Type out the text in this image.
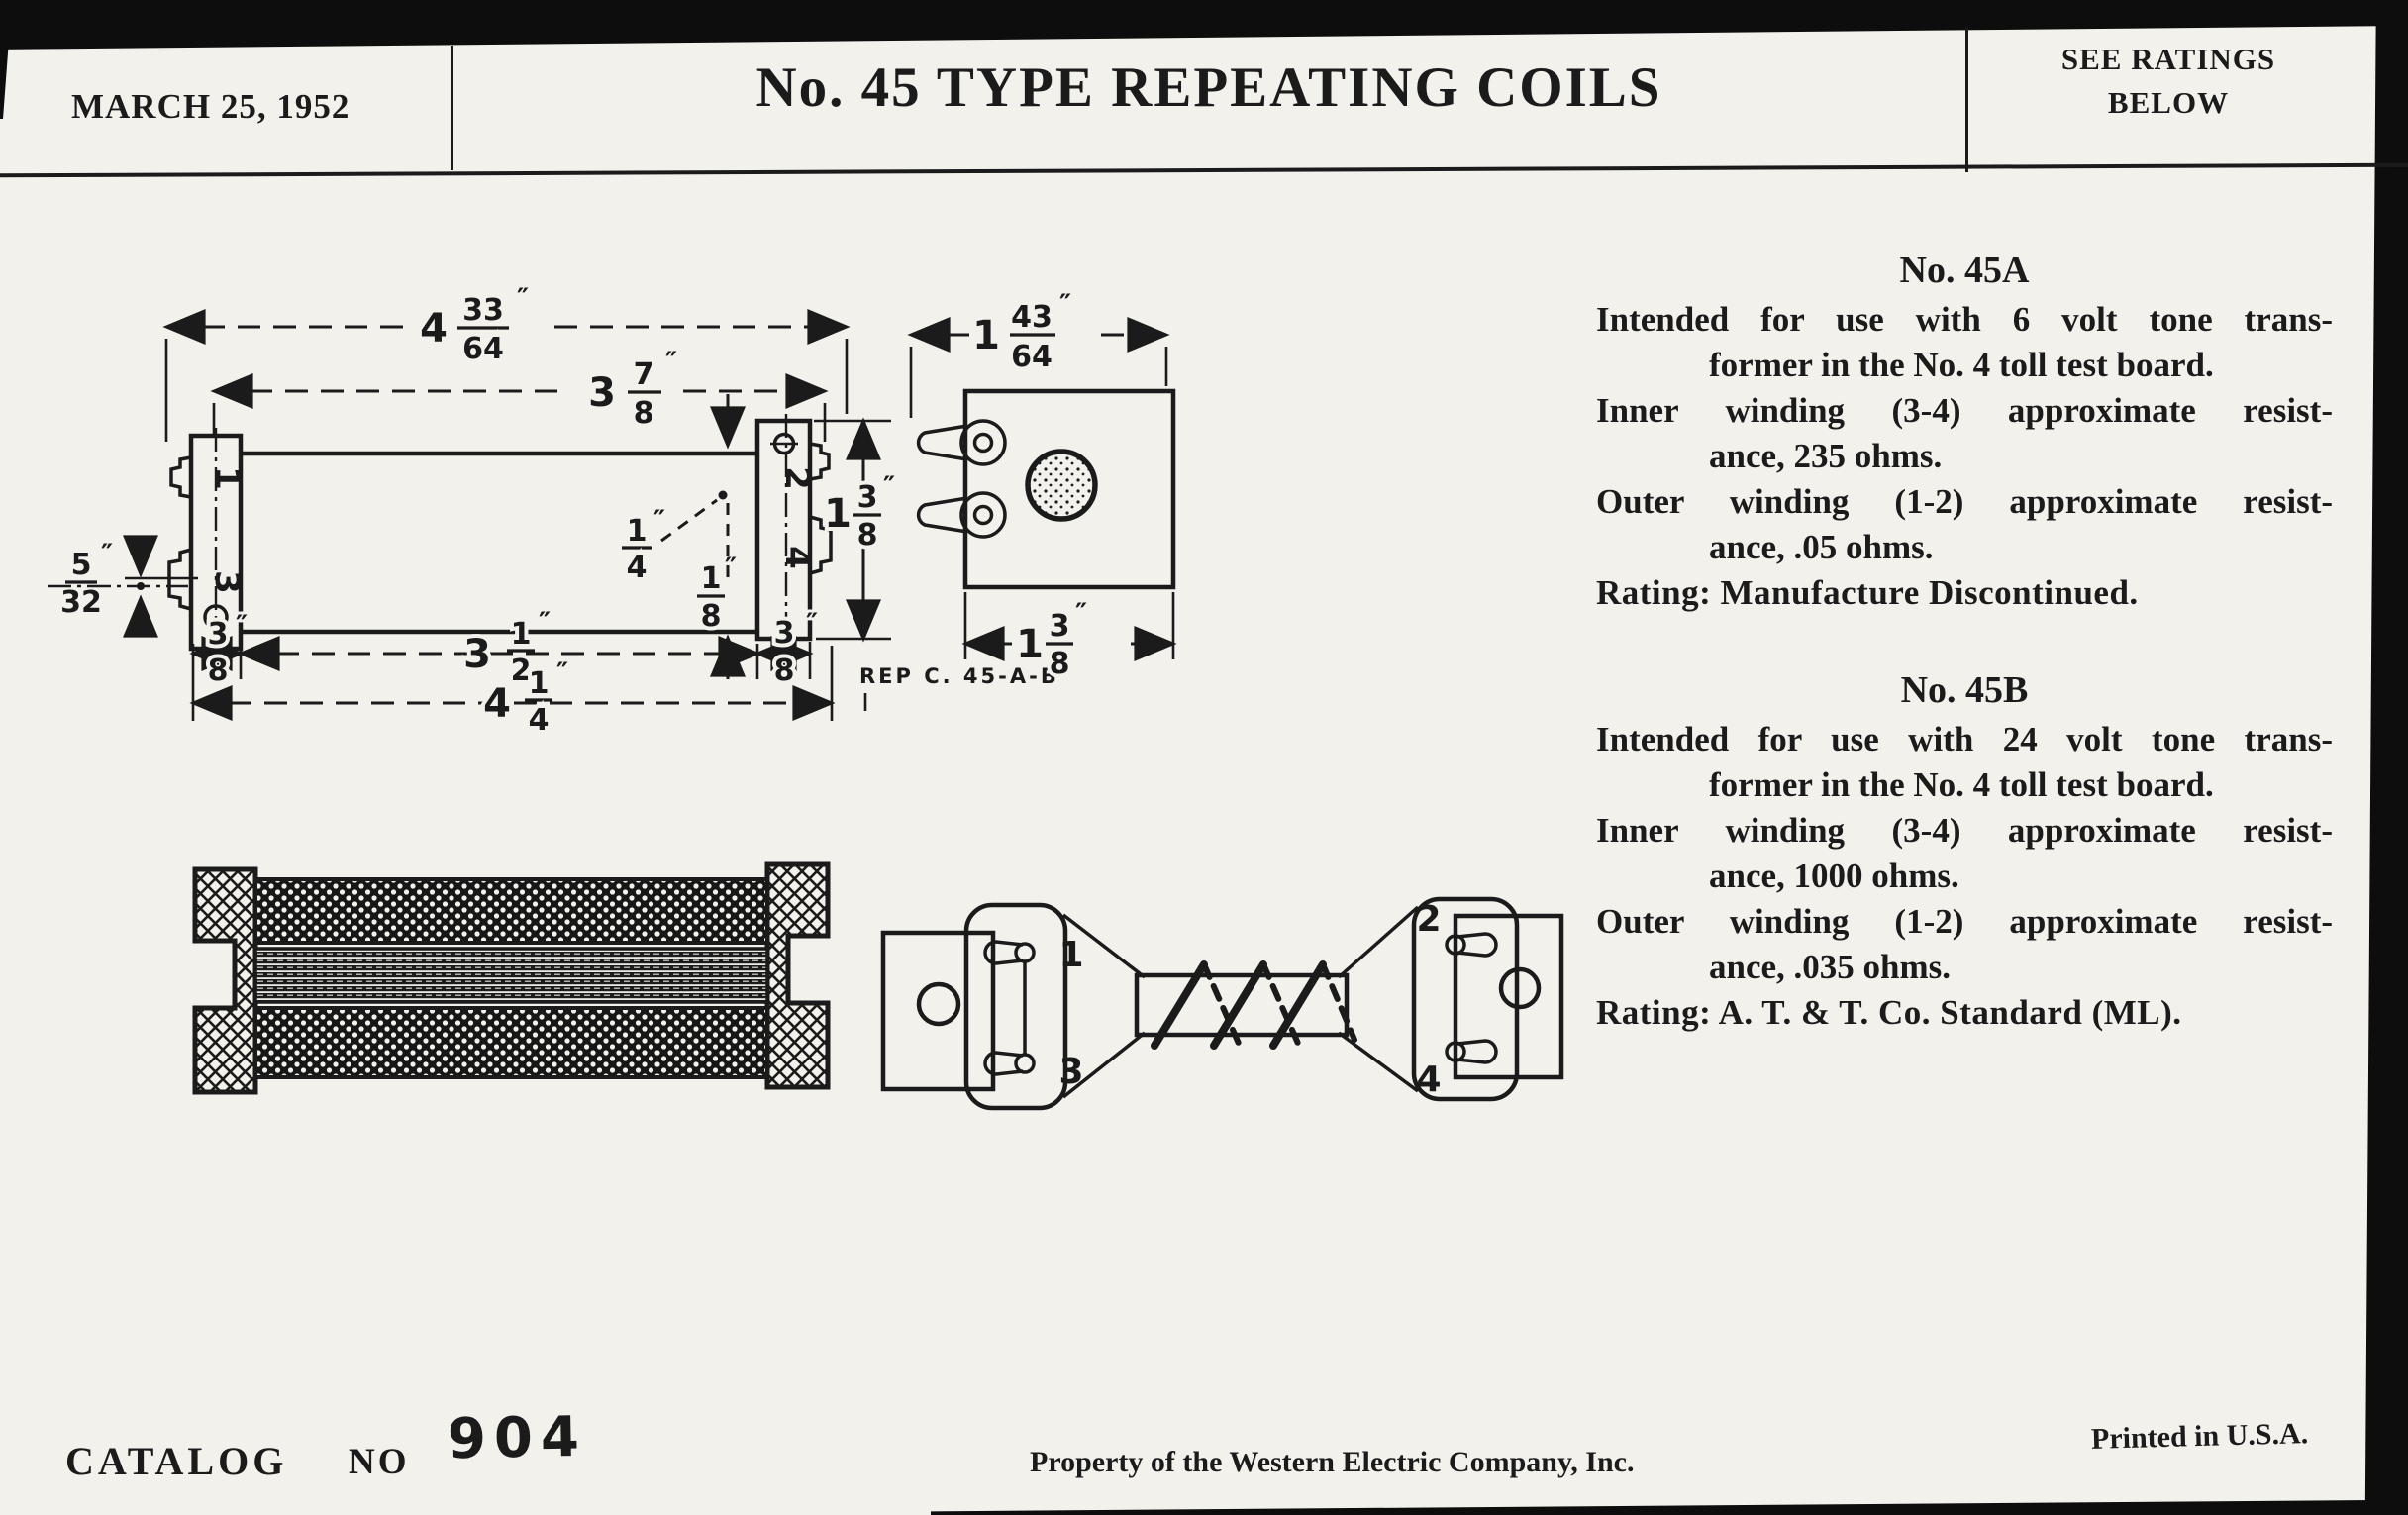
MARCH 25, 1952	No. 45 TYPE REPEATING COILS	SEE RATINGS
BELOW
1
3
2
4
4 33
64
″
3 7
8
″
5
32
″
1
4
″
1
8
″
1 3
8
″
3
8
″
3 1
2
″	3
8
″
4 1
4
″	REP C. 45-A-B
1 43
64
″
1 3
8
″
1
3
2
4
No. 45A
Intended for use with 6 volt tone trans-
former in the No. 4 toll test board.
Inner winding (3-4) approximate resist-
ance, 235 ohms.
Outer winding (1-2) approximate resist-
ance, .05 ohms.
Rating: Manufacture Discontinued.
No. 45B
Intended for use with 24 volt tone trans-
former in the No. 4 toll test board.
Inner winding (3-4) approximate resist-
ance, 1000 ohms.
Outer winding (1-2) approximate resist-
ance, .035 ohms.
Rating: A. T. & T. Co. Standard (ML).
CATALOG NO 904	Property of the Western Electric Company, Inc.
Printed in U.S.A.
